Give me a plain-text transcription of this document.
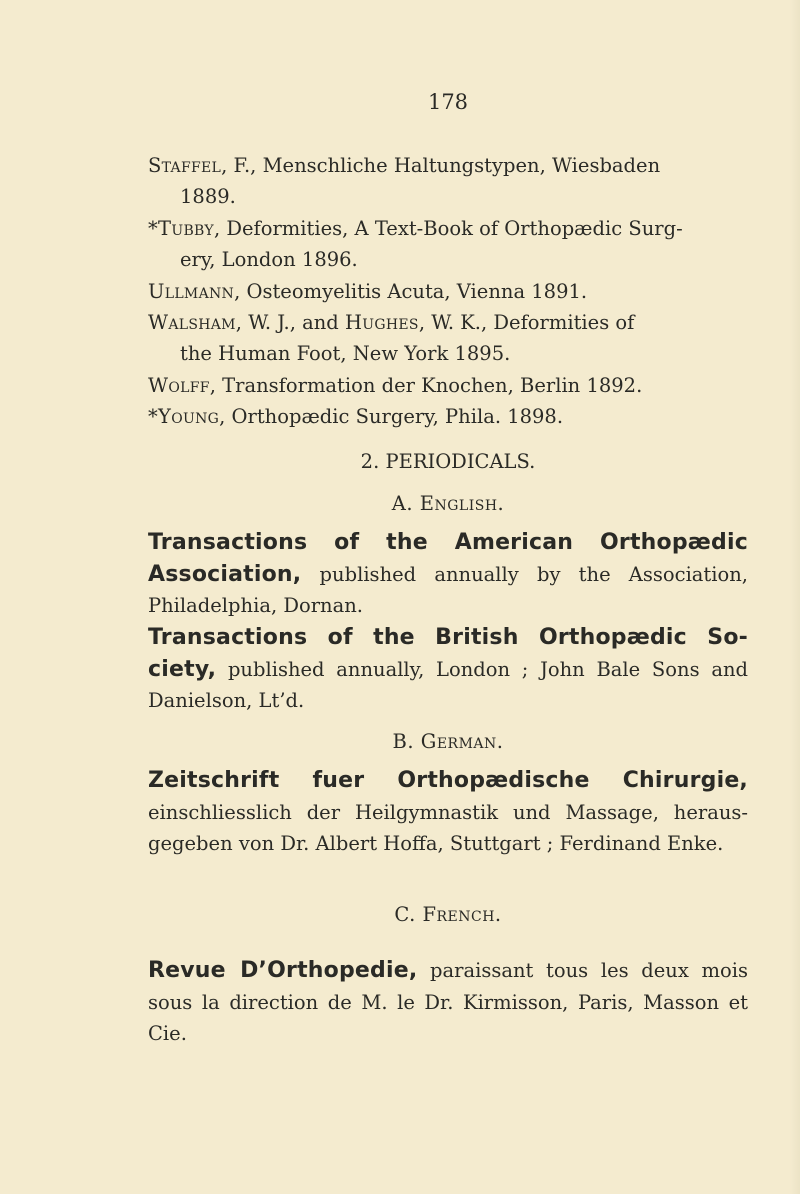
178
Staffel, F., Menschliche Haltungstypen, Wiesbaden
1889.
*Tubby, Deformities, A Text-Book of Orthopædic Surg-
ery, London 1896.
Ullmann, Osteomyelitis Acuta, Vienna 1891.
Walsham, W. J., and Hughes, W. K., Deformities of
the Human Foot, New York 1895.
Wolff, Transformation der Knochen, Berlin 1892.
*Young, Orthopædic Surgery, Phila. 1898.
2. PERIODICALS.
A. English.
Transactions of the American Orthopædic Association, published annually by the Association, Philadelphia, Dornan.
Transactions of the British Orthopædic So-ciety, published annually, London ; John Bale Sons and Danielson, Lt’d.
B. German.
Zeitschrift fuer Orthopædische Chirurgie, einschliesslich der Heilgymnastik und Massage, heraus-gegeben von Dr. Albert Hoffa, Stuttgart ; Ferdinand Enke.
C. French.
Revue D’Orthopedie, paraissant tous les deux mois sous la direction de M. le Dr. Kirmisson, Paris, Masson et Cie.
